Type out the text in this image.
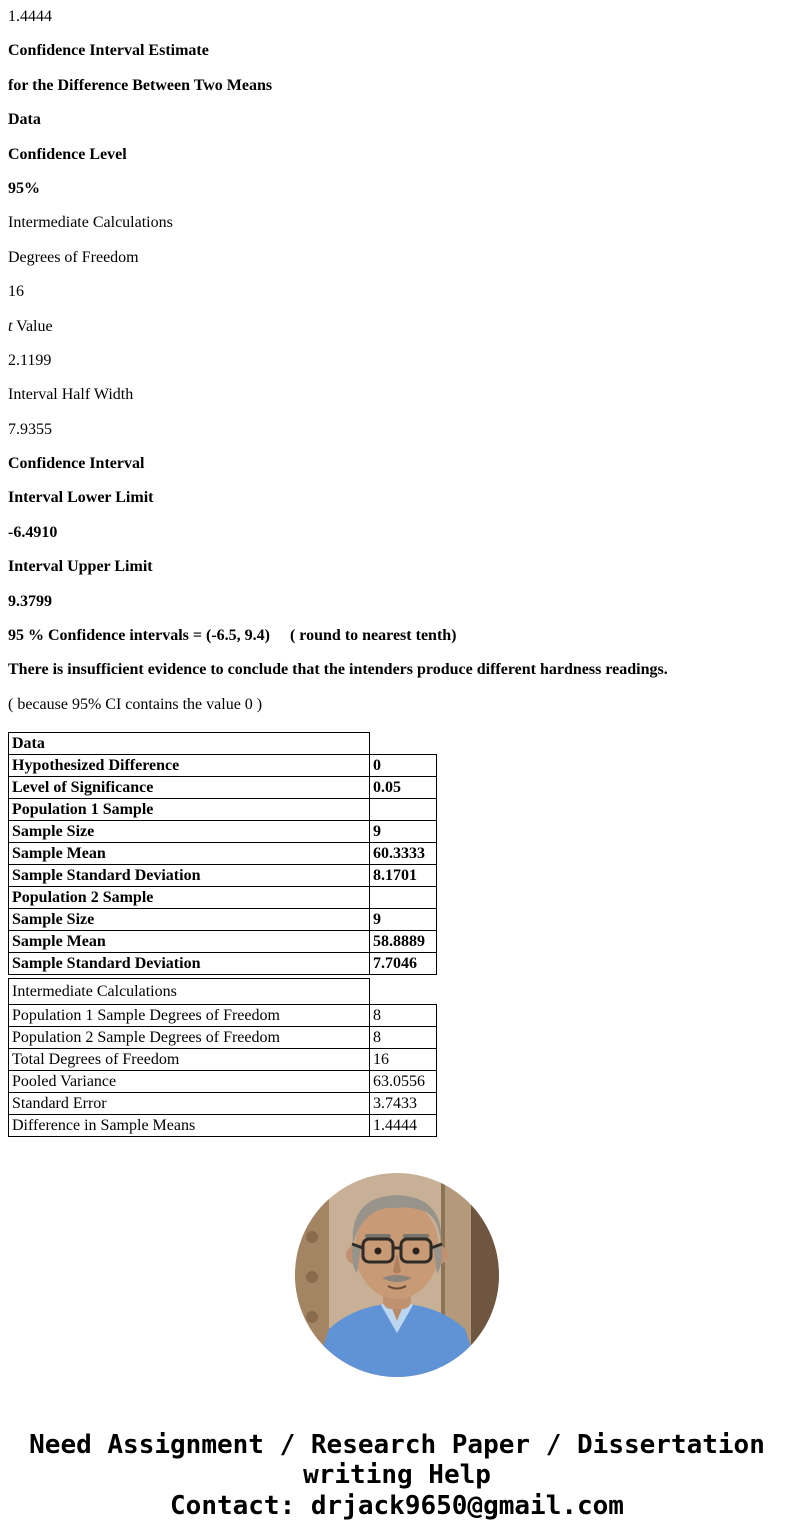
1.4444

Confidence Interval Estimate

for the Difference Between Two Means

Data

Confidence Level

95%

Intermediate Calculations

Degrees of Freedom

16

t Value

2.1199

Interval Half Width

7.9355

Confidence Interval

Interval Lower Limit

-6.4910

Interval Upper Limit

9.3799

95 % Confidence intervals = (-6.5, 9.4)     ( round to nearest tenth)

There is insufficient evidence to conclude that the intenders produce different hardness readings.

( because 95% CI contains the value 0 )

Data	
Hypothesized Difference	0
Level of Significance	0.05
Population 1 Sample	
Sample Size	9
Sample Mean	60.3333
Sample Standard Deviation	8.1701
Population 2 Sample	
Sample Size	9
Sample Mean	58.8889
Sample Standard Deviation	7.7046
Intermediate Calculations	
Population 1 Sample Degrees of Freedom	8
Population 2 Sample Degrees of Freedom	8
Total Degrees of Freedom	16
Pooled Variance	63.0556
Standard Error	3.7433
Difference in Sample Means	1.4444
Need Assignment / Research Paper / Dissertation writing Help
Contact: drjack9650@gmail.com
